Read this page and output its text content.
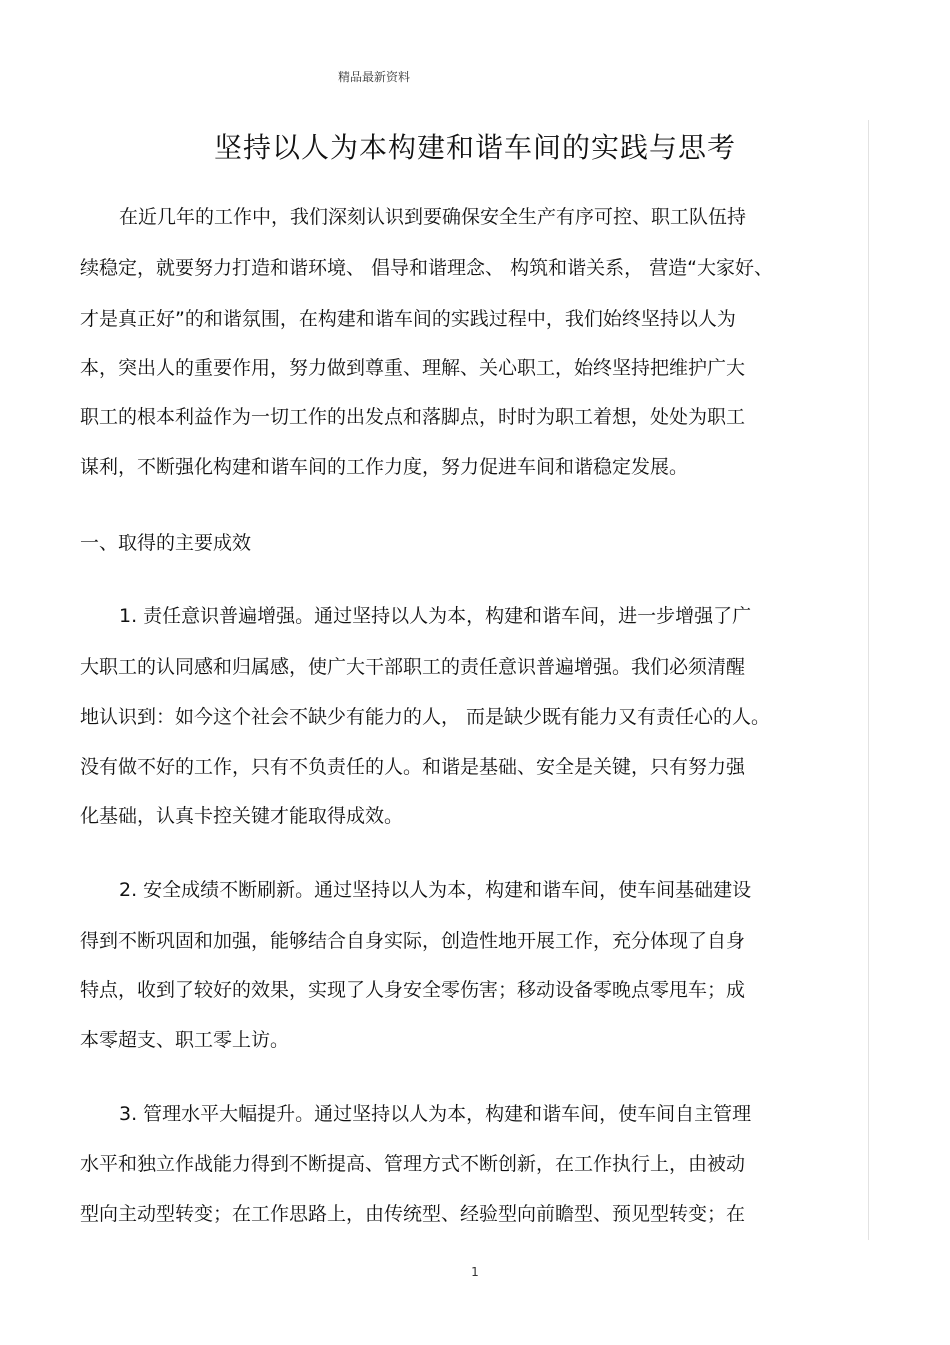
精品最新资料
坚持以人为本构建和谐车间的实践与思考
在近几年的工作中，我们深刻认识到要确保安全生产有序可控、职工队伍持
续稳定，就要努力打造和谐环境、 倡导和谐理念、 构筑和谐关系， 营造“大家好、
才是真正好”的和谐氛围，在构建和谐车间的实践过程中，我们始终坚持以人为
本，突出人的重要作用，努力做到尊重、理解、关心职工，始终坚持把维护广大
职工的根本利益作为一切工作的出发点和落脚点，时时为职工着想，处处为职工
谋利，不断强化构建和谐车间的工作力度，努力促进车间和谐稳定发展。
一、取得的主要成效
1. 责任意识普遍增强。通过坚持以人为本，构建和谐车间，进一步增强了广
大职工的认同感和归属感，使广大干部职工的责任意识普遍增强。我们必须清醒
地认识到：如今这个社会不缺少有能力的人， 而是缺少既有能力又有责任心的人。
没有做不好的工作，只有不负责任的人。和谐是基础、安全是关键，只有努力强
化基础，认真卡控关键才能取得成效。
2. 安全成绩不断刷新。通过坚持以人为本，构建和谐车间，使车间基础建设
得到不断巩固和加强，能够结合自身实际，创造性地开展工作，充分体现了自身
特点，收到了较好的效果，实现了人身安全零伤害；移动设备零晚点零甩车；成
本零超支、职工零上访。
3. 管理水平大幅提升。通过坚持以人为本，构建和谐车间，使车间自主管理
水平和独立作战能力得到不断提高、管理方式不断创新，在工作执行上，由被动
型向主动型转变；在工作思路上，由传统型、经验型向前瞻型、预见型转变；在
1
